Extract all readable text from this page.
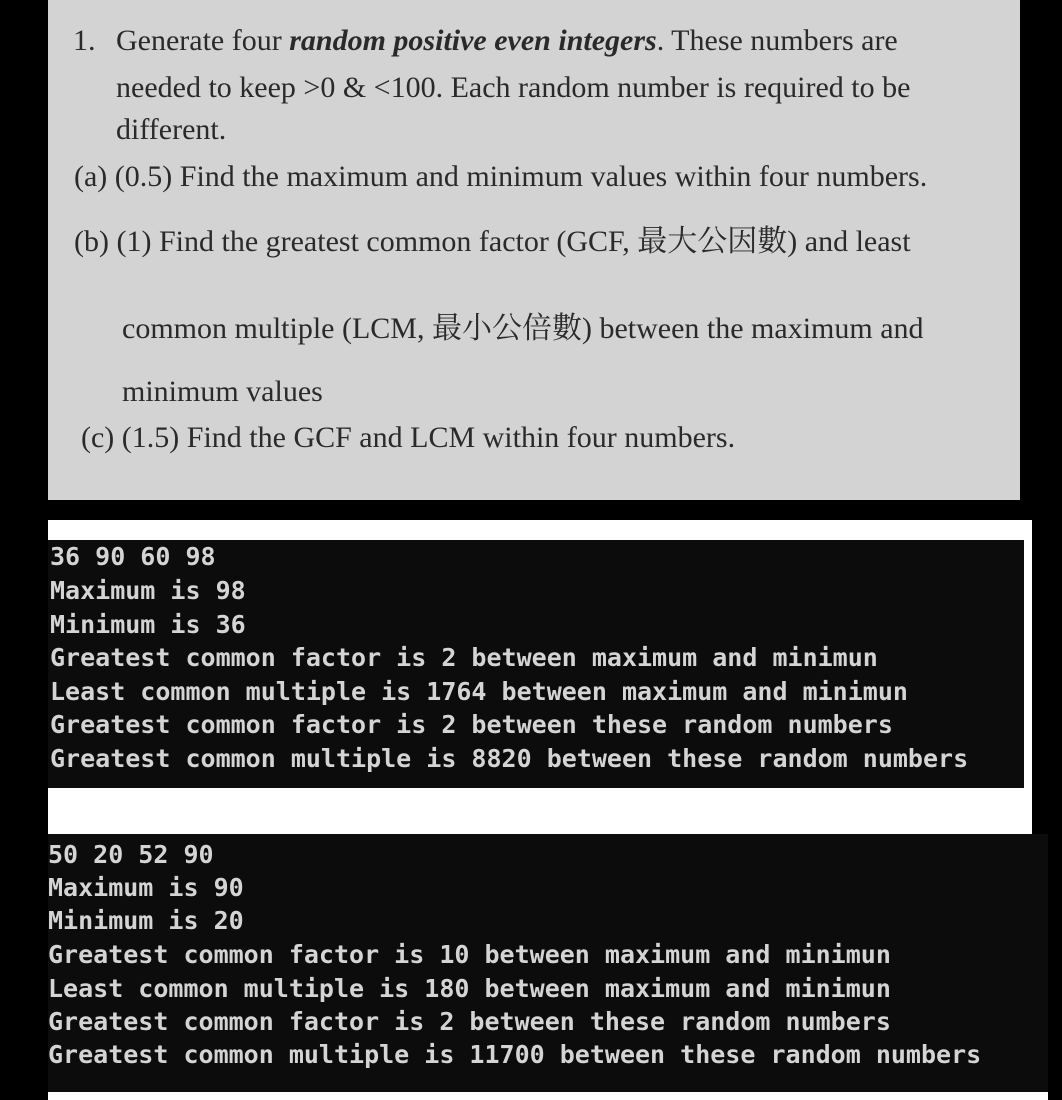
1. Generate four random positive even integers. These numbers are
needed to keep >0 & <100. Each random number is required to be
different.
(a) (0.5) Find the maximum and minimum values within four numbers.
(b) (1) Find the greatest common factor (GCF, 最大公因數) and least
common multiple (LCM, 最小公倍數) between the maximum and
minimum values
(c) (1.5) Find the GCF and LCM within four numbers.
36 90 60 98
Maximum is 98
Minimum is 36
Greatest common factor is 2 between maximum and minimun
Least common multiple is 1764 between maximum and minimun
Greatest common factor is 2 between these random numbers
Greatest common multiple is 8820 between these random numbers
50 20 52 90
Maximum is 90
Minimum is 20
Greatest common factor is 10 between maximum and minimun
Least common multiple is 180 between maximum and minimun
Greatest common factor is 2 between these random numbers
Greatest common multiple is 11700 between these random numbers
